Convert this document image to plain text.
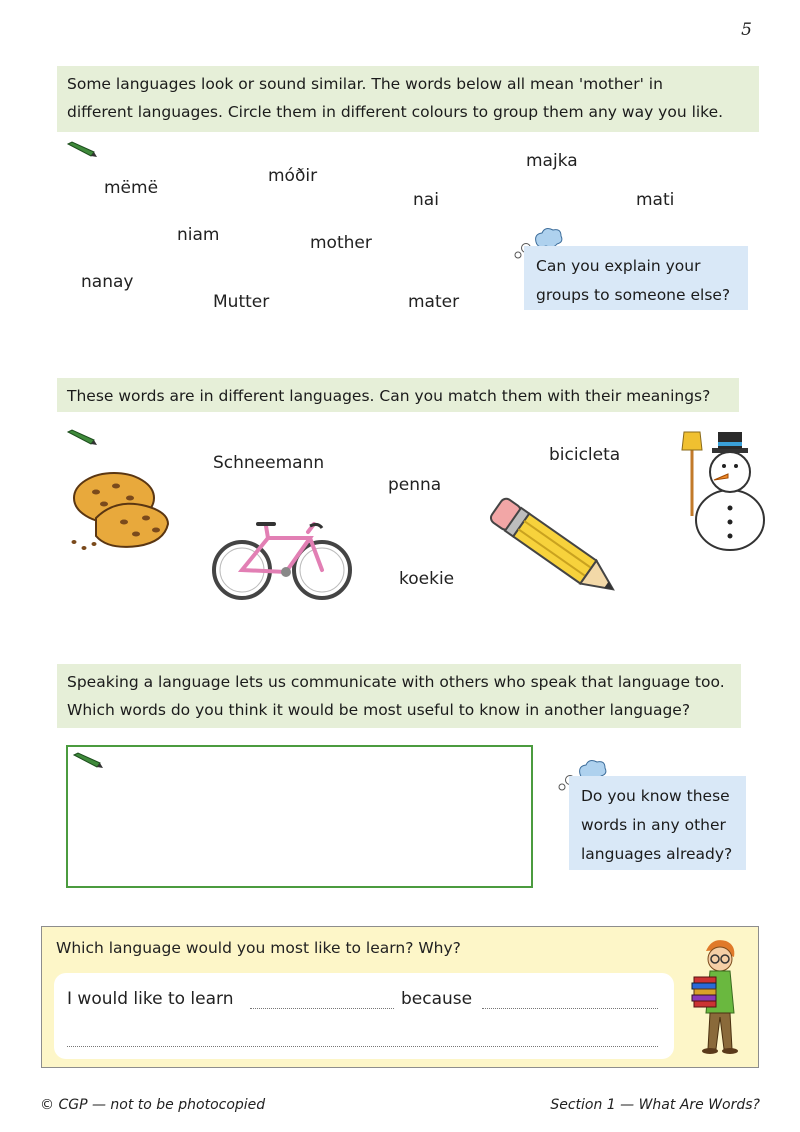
5
Some languages look or sound similar. The words below all mean 'mother' in
different languages. Circle them in different colours to group them any way you like.
mëmë
móðir
majka
nai	mati
niam	mother
nanay
Mutter	mater
Can you explain your
groups to someone else?
These words are in different languages. Can you match them with their meanings?
Schneemann	bicicleta
penna
koekie
Speaking a language lets us communicate with others who speak that language too.
Which words do you think it would be most useful to know in another language?
Do you know these
words in any other
languages already?
Which language would you most like to learn? Why?
I would like to learn	because
© CGP — not to be photocopied	Section 1 — What Are Words?
